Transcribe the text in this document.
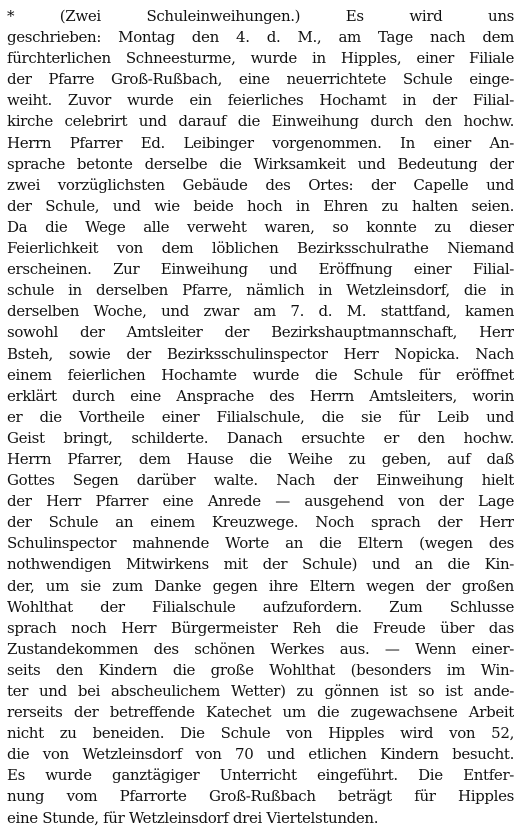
* (Zwei Schuleinweihungen.) Es wird uns
geschrieben: Montag den 4. d. M., am Tage nach dem
fürchterlichen Schneesturme, wurde in Hipples, einer Filiale
der Pfarre Groß-Rußbach, eine neuerrichtete Schule einge-
weiht. Zuvor wurde ein feierliches Hochamt in der Filial-
kirche celebrirt und darauf die Einweihung durch den hochw.
Herrn Pfarrer Ed. Leibinger vorgenommen. In einer An-
sprache betonte derselbe die Wirksamkeit und Bedeutung der
zwei vorzüglichsten Gebäude des Ortes: der Capelle und
der Schule, und wie beide hoch in Ehren zu halten seien.
Da die Wege alle verweht waren, so konnte zu dieser
Feierlichkeit von dem löblichen Bezirksschulrathe Niemand
erscheinen. Zur Einweihung und Eröffnung einer Filial-
schule in derselben Pfarre, nämlich in Wetzleinsdorf, die in
derselben Woche, und zwar am 7. d. M. stattfand, kamen
sowohl der Amtsleiter der Bezirkshauptmannschaft, Herr
Bsteh, sowie der Bezirksschulinspector Herr Nopicka. Nach
einem feierlichen Hochamte wurde die Schule für eröffnet
erklärt durch eine Ansprache des Herrn Amtsleiters, worin
er die Vortheile einer Filialschule, die sie für Leib und
Geist bringt, schilderte. Danach ersuchte er den hochw.
Herrn Pfarrer, dem Hause die Weihe zu geben, auf daß
Gottes Segen darüber walte. Nach der Einweihung hielt
der Herr Pfarrer eine Anrede — ausgehend von der Lage
der Schule an einem Kreuzwege. Noch sprach der Herr
Schulinspector mahnende Worte an die Eltern (wegen des
nothwendigen Mitwirkens mit der Schule) und an die Kin-
der, um sie zum Danke gegen ihre Eltern wegen der großen
Wohlthat der Filialschule aufzufordern. Zum Schlusse
sprach noch Herr Bürgermeister Reh die Freude über das
Zustandekommen des schönen Werkes aus. — Wenn einer-
seits den Kindern die große Wohlthat (besonders im Win-
ter und bei abscheulichem Wetter) zu gönnen ist so ist ande-
rerseits der betreffende Katechet um die zugewachsene Arbeit
nicht zu beneiden. Die Schule von Hipples wird von 52,
die von Wetzleinsdorf von 70 und etlichen Kindern besucht.
Es wurde ganztägiger Unterricht eingeführt. Die Entfer-
nung vom Pfarrorte Groß-Rußbach beträgt für Hipples
eine Stunde, für Wetzleinsdorf drei Viertelstunden.
